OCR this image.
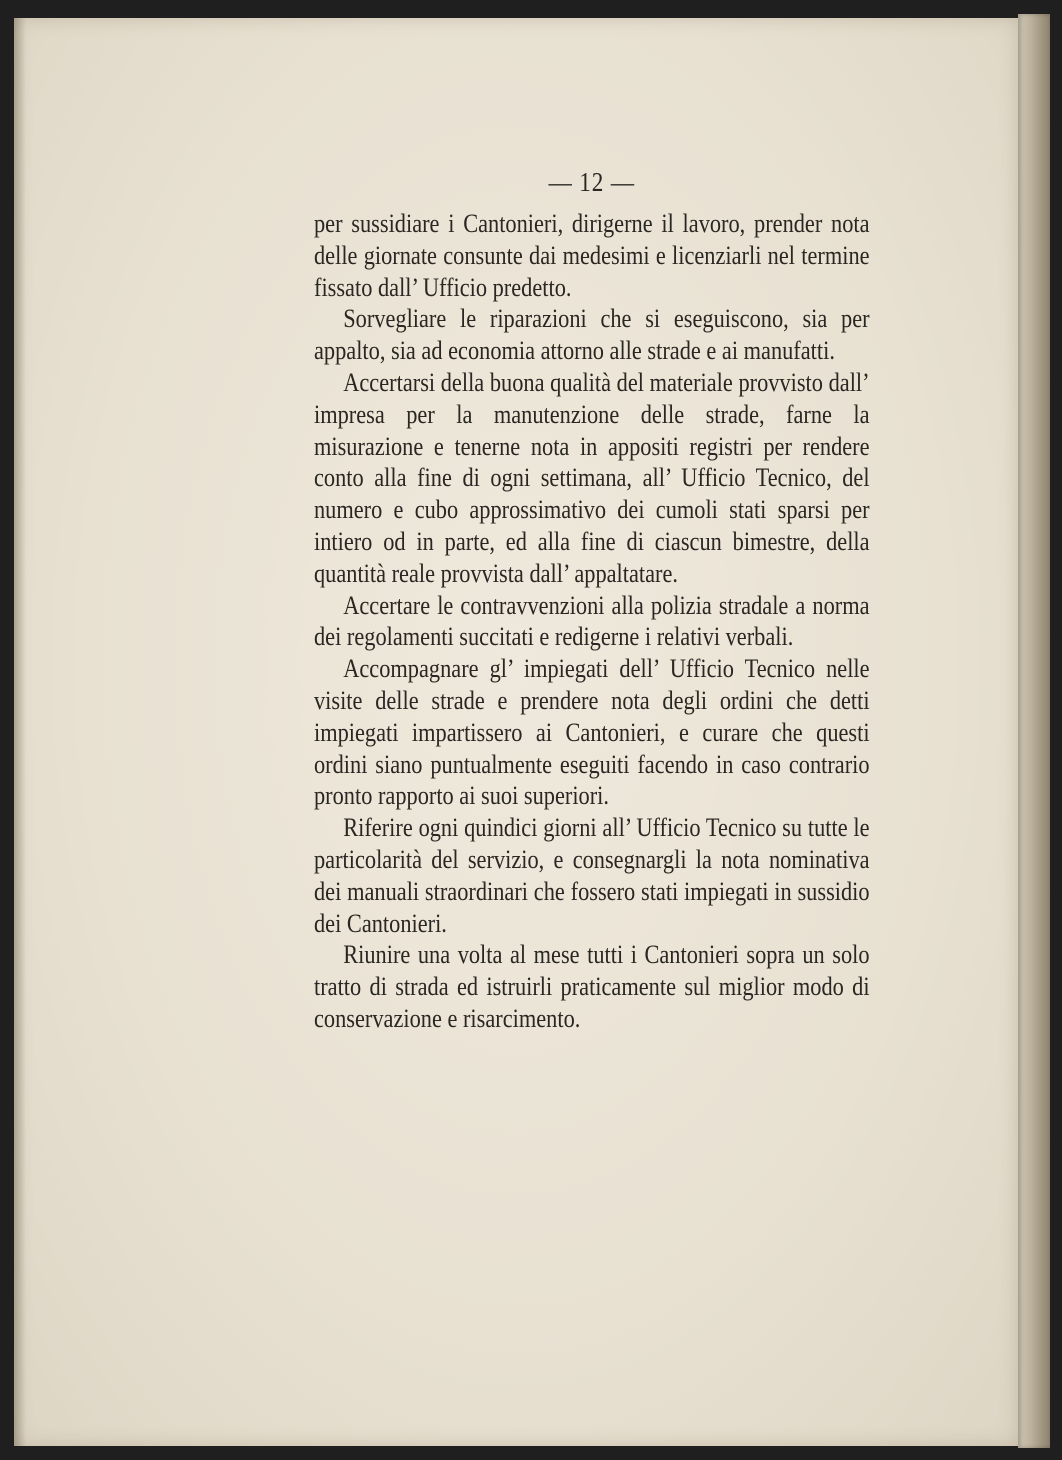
— 12 —

per sussidiare i Cantonieri, dirigerne il lavoro, prender nota delle giornate consunte dai medesimi e licenziarli nel termine fissato dall’ Ufficio predetto.

Sorvegliare le riparazioni che si eseguiscono, sia per appalto, sia ad economia attorno alle strade e ai manufatti.

Accertarsi della buona qualità del materiale provvisto dall’ impresa per la manutenzione delle strade, farne la misurazione e tenerne nota in appositi registri per rendere conto alla fine di ogni settimana, all’ Ufficio Tecnico, del numero e cubo approssimativo dei cumoli stati sparsi per intiero od in parte, ed alla fine di ciascun bimestre, della quantità reale provvista dall’ appaltatare.

Accertare le contravvenzioni alla polizia stradale a norma dei regolamenti succitati e redigerne i relativi verbali.

Accompagnare gl’ impiegati dell’ Ufficio Tecnico nelle visite delle strade e prendere nota degli ordini che detti impiegati impartissero ai Cantonieri, e curare che questi ordini siano puntualmente eseguiti facendo in caso contrario pronto rapporto ai suoi superiori.

Riferire ogni quindici giorni all’ Ufficio Tecnico su tutte le particolarità del servizio, e consegnargli la nota nominativa dei manuali straordinari che fossero stati impiegati in sussidio dei Cantonieri.

Riunire una volta al mese tutti i Cantonieri sopra un solo tratto di strada ed istruirli praticamente sul miglior modo di conservazione e risarcimento.
